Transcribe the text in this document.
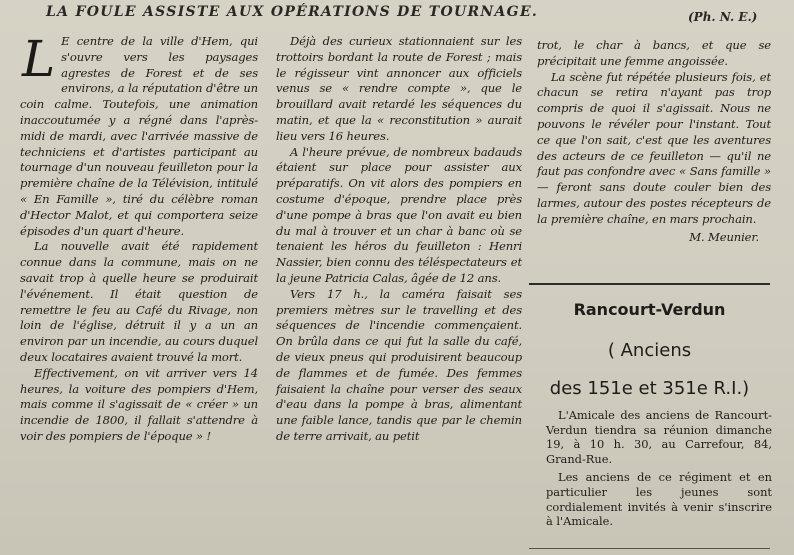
LA FOULE ASSISTE AUX OPÉRATIONS DE TOURNAGE.	(Ph. N. E.)

L E centre de la ville d'Hem, qui s'ouvre vers les paysages agrestes de Forest et de ses environs, a la réputation d'être un coin calme. Toutefois, une animation inaccoutumée y a régné dans l'après-midi de mardi, avec l'arrivée massive de techniciens et d'artistes participant au tournage d'un nouveau feuilleton pour la première chaîne de la Télévision, intitulé « En Famille », tiré du célèbre roman d'Hector Malot, et qui comportera seize épisodes d'un quart d'heure.

La nouvelle avait été rapidement connue dans la commune, mais on ne savait trop à quelle heure se produirait l'événement. Il était question de remettre le feu au Café du Rivage, non loin de l'église, détruit il y a un an environ par un incendie, au cours duquel deux locataires avaient trouvé la mort.

Effectivement, on vit arriver vers 14 heures, la voiture des pompiers d'Hem, mais comme il s'agissait de « créer » un incendie de 1800, il fallait s'attendre à voir des pompiers de l'époque » !

Déjà des curieux stationnaient sur les trottoirs bordant la route de Forest ; mais le régisseur vint annoncer aux officiels venus se « rendre compte », que le brouillard avait retardé les séquences du matin, et que la « reconstitution » aurait lieu vers 16 heures.

A l'heure prévue, de nombreux badauds étaient sur place pour assister aux préparatifs. On vit alors des pompiers en costume d'époque, prendre place près d'une pompe à bras que l'on avait eu bien du mal à trouver et un char à banc où se tenaient les héros du feuilleton : Henri Nassier, bien connu des téléspectateurs et la jeune Patricia Calas, âgée de 12 ans.

Vers 17 h., la caméra faisait ses premiers mètres sur le travelling et des séquences de l'incendie commençaient. On brûla dans ce qui fut la salle du café, de vieux pneus qui produisirent beaucoup de flammes et de fumée. Des femmes faisaient la chaîne pour verser des seaux d'eau dans la pompe à bras, alimentant une faible lance, tandis que par le chemin de terre arrivait, au petit

trot, le char à bancs, et que se précipitait une femme angoissée.

La scène fut répétée plusieurs fois, et chacun se retira n'ayant pas trop compris de quoi il s'agissait. Nous ne pouvons le révéler pour l'instant. Tout ce que l'on sait, c'est que les aventures des acteurs de ce feuilleton — qu'il ne faut pas confondre avec « Sans famille » — feront sans doute couler bien des larmes, autour des postes récepteurs de la première chaîne, en mars prochain.

M. Meunier.

Rancourt-Verdun
( Anciens
des 151e et 351e R.I.)

L'Amicale des anciens de Rancourt-Verdun tiendra sa réunion dimanche 19, à 10 h. 30, au Carrefour, 84, Grand-Rue.

Les anciens de ce régiment et en particulier les jeunes sont cordialement invités à venir s'inscrire à l'Amicale.
